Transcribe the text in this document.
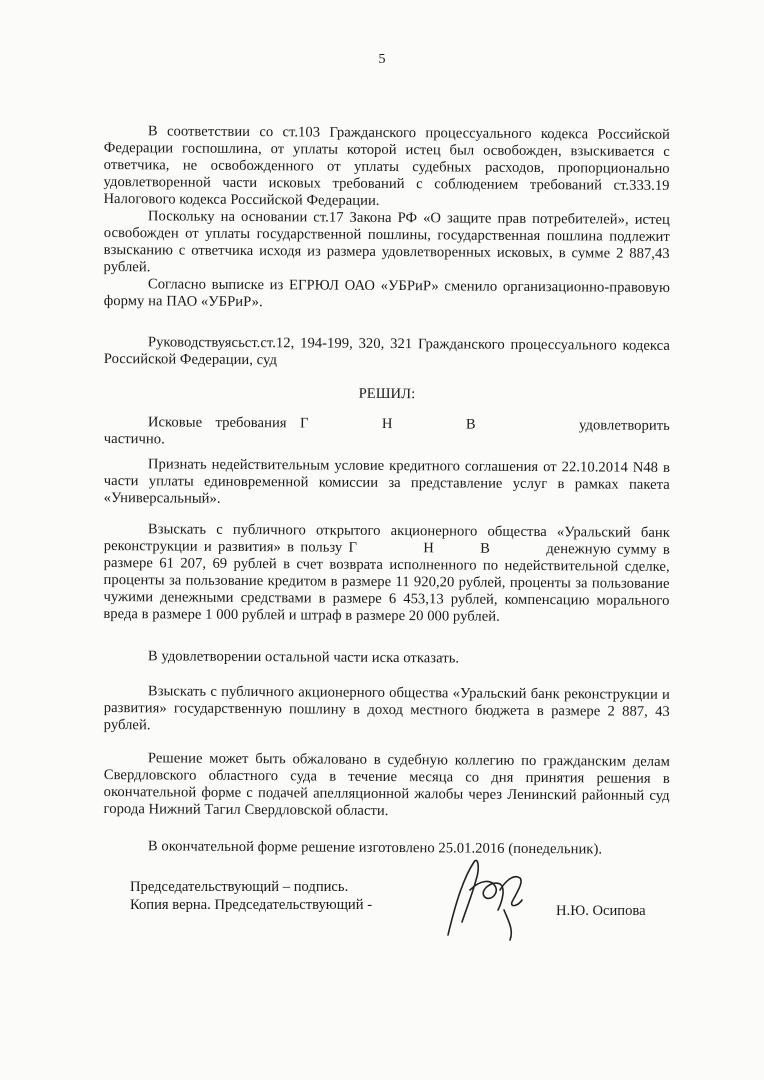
5

В соответствии со ст.103 Гражданского процессуального кодекса Российской Федерации госпошлина, от уплаты которой истец был освобожден, взыскивается с ответчика, не освобожденного от уплаты судебных расходов, пропорционально удовлетворенной части исковых требований с соблюдением требований ст.333.19 Налогового кодекса Российской Федерации.

Поскольку на основании ст.17 Закона РФ «О защите прав потребителей», истец освобожден от уплаты государственной пошлины, государственная пошлина подлежит взысканию с ответчика исходя из размера удовлетворенных исковых, в сумме 2 887,43 рублей.

Согласно выписке из ЕГРЮЛ ОАО «УБРиР» сменило организационно-правовую форму на ПАО «УБРиР».

Руководствуясьст.ст.12, 194-199, 320, 321 Гражданского процессуального кодекса Российской Федерации, суд

РЕШИЛ:

Исковые требования Г	Н	В	удовлетворить частично.

Признать недействительным условие кредитного соглашения от 22.10.2014 N48 в части уплаты единовременной комиссии за представление услуг в рамках пакета «Универсальный».

Взыскать с публичного открытого акционерного общества «Уральский банк реконструкции и развития» в пользу Г	Н	В	денежную сумму в размере 61 207, 69 рублей в счет возврата исполненного по недействительной сделке, проценты за пользование кредитом в размере 11 920,20 рублей, проценты за пользование чужими денежными средствами в размере 6 453,13 рублей, компенсацию морального вреда в размере 1 000 рублей и штраф в размере 20 000 рублей.

В удовлетворении остальной части иска отказать.

Взыскать с публичного акционерного общества «Уральский банк реконструкции и развития» государственную пошлину в доход местного бюджета в размере 2 887, 43 рублей.

Решение может быть обжаловано в судебную коллегию по гражданским делам Свердловского областного суда в течение месяца со дня принятия решения в окончательной форме с подачей апелляционной жалобы через Ленинский районный суд города Нижний Тагил Свердловской области.

В окончательной форме решение изготовлено 25.01.2016 (понедельник).

Председательствующий – подпись.
Копия верна. Председательствующий -	Н.Ю. Осипова
